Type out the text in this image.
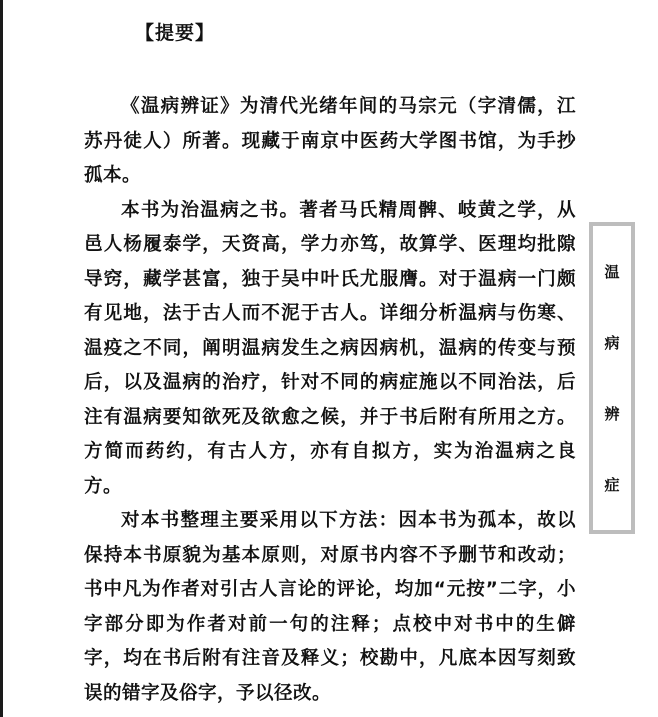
【提要】

《温病辨证》为清代光绪年间的马宗元（字清儒，江苏丹徒人）所著。现藏于南京中医药大学图书馆，为手抄孤本。

本书为治温病之书。著者马氏精周髀、岐黄之学，从邑人杨履泰学，天资高，学力亦笃，故算学、医理均批隙导窍，藏学甚富，独于吴中叶氏尤服膺。对于温病一门颇有见地，法于古人而不泥于古人。详细分析温病与伤寒、温疫之不同，阐明温病发生之病因病机，温病的传变与预后，以及温病的治疗，针对不同的病症施以不同治法，后注有温病要知欲死及欲愈之候，并于书后附有所用之方。方简而药约，有古人方，亦有自拟方，实为治温病之良方。

对本书整理主要采用以下方法：因本书为孤本，故以保持本书原貌为基本原则，对原书内容不予删节和改动；书中凡为作者对引古人言论的评论，均加“元按”二字，小字部分即为作者对前一句的注释；点校中对书中的生僻字，均在书后附有注音及释义；校勘中，凡底本因写刻致误的错字及俗字，予以径改。

温
病
辨
症
